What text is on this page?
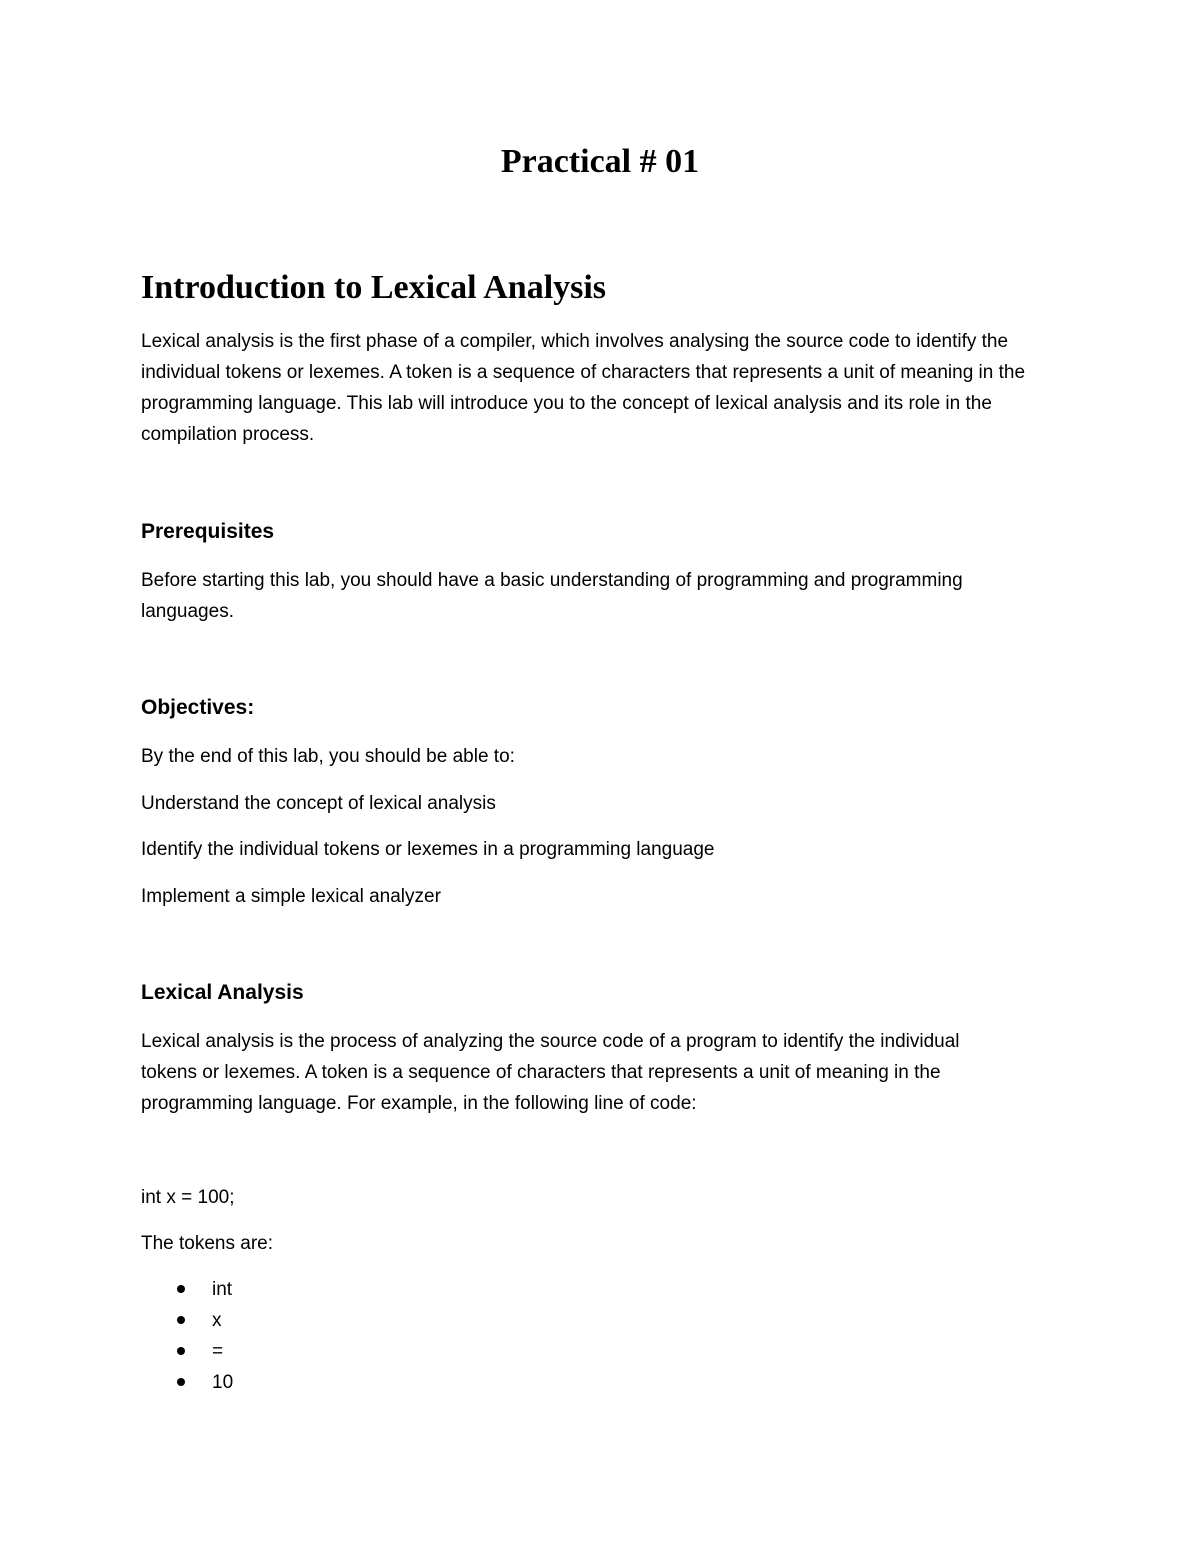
Practical # 01
Introduction to Lexical Analysis

Lexical analysis is the first phase of a compiler, which involves analysing the source code to identify the individual tokens or lexemes. A token is a sequence of characters that represents a unit of meaning in the programming language. This lab will introduce you to the concept of lexical analysis and its role in the compilation process.

Prerequisites

Before starting this lab, you should have a basic understanding of programming and programming languages.

Objectives:

By the end of this lab, you should be able to:

Understand the concept of lexical analysis

Identify the individual tokens or lexemes in a programming language

Implement a simple lexical analyzer

Lexical Analysis

Lexical analysis is the process of analyzing the source code of a program to identify the individual tokens or lexemes. A token is a sequence of characters that represents a unit of meaning in the programming language. For example, in the following line of code:

int x = 100;

The tokens are:

int
x
=
10
